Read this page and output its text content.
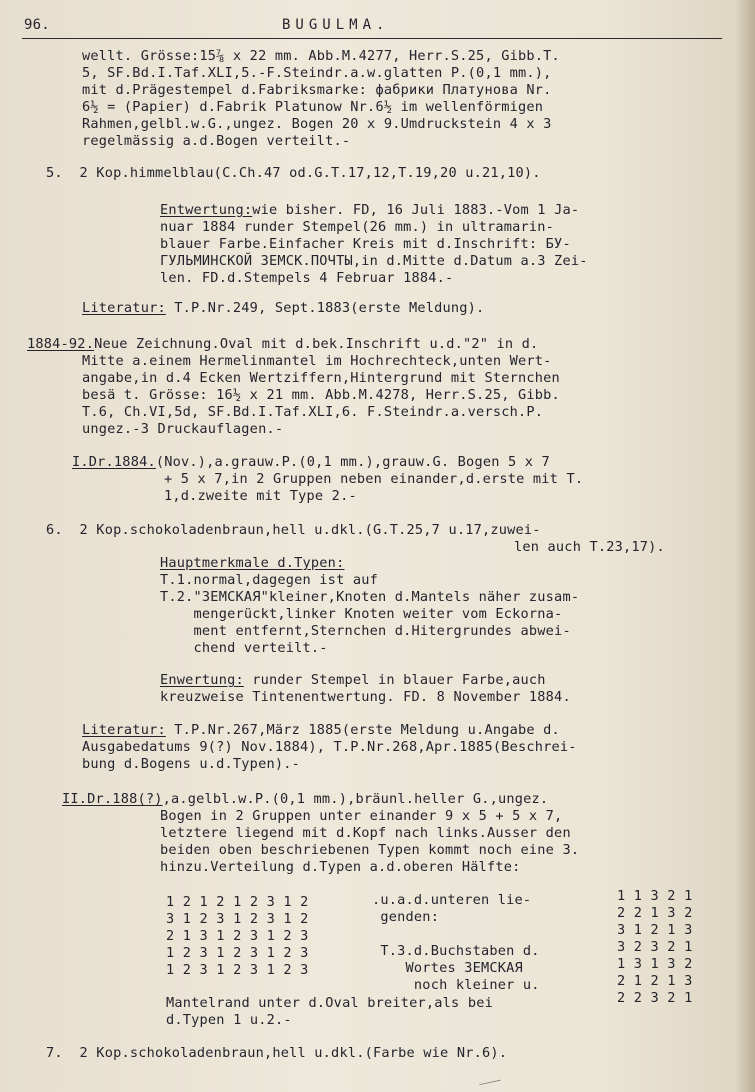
96.	BUGULMA.
wellt. Grösse:15⅞ x 22 mm. Abb.M.4277, Herr.S.25, Gibb.T.
5, SF.Bd.I.Taf.XLI,5.-F.Steindr.a.w.glatten P.(0,1 mm.),
mit d.Prägestempel d.Fabriksmarke: фабрики Платунова Nr.
6½ = (Papier) d.Fabrik Platunow Nr.6½ im wellenförmigen
Rahmen,gelbl.w.G.,ungez. Bogen 20 x 9.Umdruckstein 4 x 3
regelmässig a.d.Bogen verteilt.-
5.  2 Kop.himmelblau(C.Ch.47 od.G.T.17,12,T.19,20 u.21,10).
Entwertung:wie bisher. FD, 16 Juli 1883.-Vom 1 Ja-
nuar 1884 runder Stempel(26 mm.) in ultramarin-
blauer Farbe.Einfacher Kreis mit d.Inschrift: БУ-
ГУЛЬМИНСКОЙ ЗЕМСК.ПОЧТЫ,in d.Mitte d.Datum a.3 Zei-
len. FD.d.Stempels 4 Februar 1884.-
Literatur: T.P.Nr.249, Sept.1883(erste Meldung).
1884-92.Neue Zeichnung.Oval mit d.bek.Inschrift u.d."2" in d.
Mitte a.einem Hermelinmantel im Hochrechteck,unten Wert-
angabe,in d.4 Ecken Wertziffern,Hintergrund mit Sternchen
besä t. Grösse: 16½ x 21 mm. Abb.M.4278, Herr.S.25, Gibb.
T.6, Ch.VI,5d, SF.Bd.I.Taf.XLI,6. F.Steindr.a.versch.P.
ungez.-3 Druckauflagen.-
I.Dr.1884.(Nov.),a.grauw.P.(0,1 mm.),grauw.G. Bogen 5 x 7
+ 5 x 7,in 2 Gruppen neben einander,d.erste mit T.
1,d.zweite mit Type 2.-
6.  2 Kop.schokoladenbraun,hell u.dkl.(G.T.25,7 u.17,zuwei-
len auch T.23,17).
Hauptmerkmale d.Typen:
T.1.normal,dagegen ist auf
T.2."ЗЕМСКАЯ"kleiner,Knoten d.Mantels näher zusam-
mengerückt,linker Knoten weiter vom Eckorna-
ment entfernt,Sternchen d.Hitergrundes abwei-
chend verteilt.-
Enwertung: runder Stempel in blauer Farbe,auch
kreuzweise Tintenentwertung. FD. 8 November 1884.
Literatur: T.P.Nr.267,März 1885(erste Meldung u.Angabe d.
Ausgabedatums 9(?) Nov.1884), T.P.Nr.268,Apr.1885(Beschrei-
bung d.Bogens u.d.Typen).-
II.Dr.188(?),a.gelbl.w.P.(0,1 mm.),bräunl.heller G.,ungez.
Bogen in 2 Gruppen unter einander 9 x 5 + 5 x 7,
letztere liegend mit d.Kopf nach links.Ausser den
beiden oben beschriebenen Typen kommt noch eine 3.
hinzu.Verteilung d.Typen a.d.oberen Hälfte:
1 2 1 2 1 2 3 1 2
3 1 2 3 1 2 3 1 2
2 1 3 1 2 3 1 2 3
1 2 3 1 2 3 1 2 3
1 2 3 1 2 3 1 2 3
.u.a.d.unteren lie-
genden:
T.3.d.Buchstaben d.
Wortes ЗЕМСКАЯ
noch kleiner u.
1 1 3 2 1
2 2 1 3 2
3 1 2 1 3
3 2 3 2 1
1 3 1 3 2
2 1 2 1 3
2 2 3 2 1
Mantelrand unter d.Oval breiter,als bei
d.Typen 1 u.2.-
7.  2 Kop.schokoladenbraun,hell u.dkl.(Farbe wie Nr.6).
